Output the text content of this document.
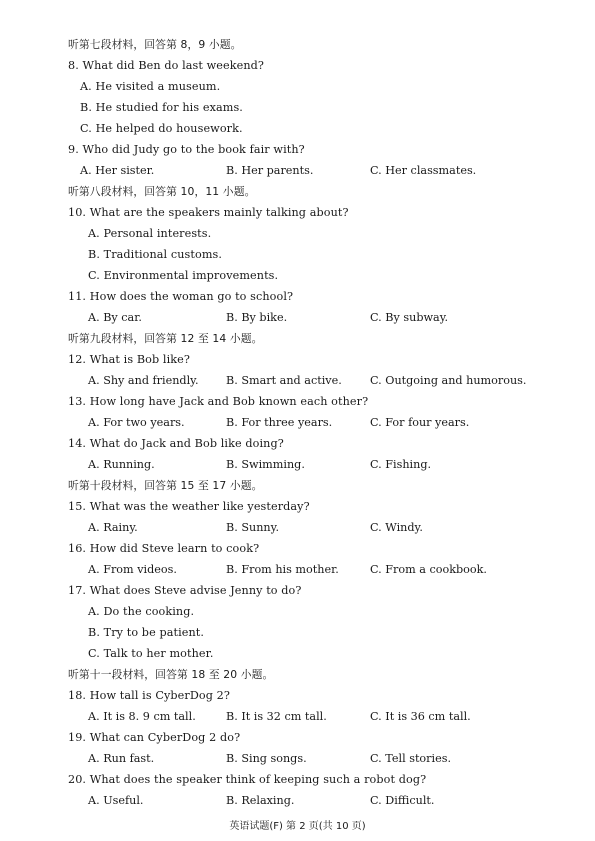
听第七段材料，回答第 8，9 小题。
8. What did Ben do last weekend?
A. He visited a museum.
B. He studied for his exams.
C. He helped do housework.
9. Who did Judy go to the book fair with?
A. Her sister.	B. Her parents.	C. Her classmates.
听第八段材料，回答第 10，11 小题。
10. What are the speakers mainly talking about?
A. Personal interests.
B. Traditional customs.
C. Environmental improvements.
11. How does the woman go to school?
A. By car.	B. By bike.	C. By subway.
听第九段材料，回答第 12 至 14 小题。
12. What is Bob like?
A. Shy and friendly. B. Smart and active.	C. Outgoing and humorous.
13. How long have Jack and Bob known each other?
A. For two years.	B. For three years.	C. For four years.
14. What do Jack and Bob like doing?
A. Running.	B. Swimming.	C. Fishing.
听第十段材料，回答第 15 至 17 小题。
15. What was the weather like yesterday?
A. Rainy.	B. Sunny.	C. Windy.
16. How did Steve learn to cook?
A. From videos.	B. From his mother.	C. From a cookbook.
17. What does Steve advise Jenny to do?
A. Do the cooking.
B. Try to be patient.
C. Talk to her mother.
听第十一段材料，回答第 18 至 20 小题。
18. How tall is CyberDog 2?
A. It is 8. 9 cm tall.	B. It is 32 cm tall.	C. It is 36 cm tall.
19. What can CyberDog 2 do?
A. Run fast.	B. Sing songs.	C. Tell stories.
20. What does the speaker think of keeping such a robot dog?
A. Useful.	B. Relaxing.	C. Difficult.
英语试题(F) 第 2 页(共 10 页)
